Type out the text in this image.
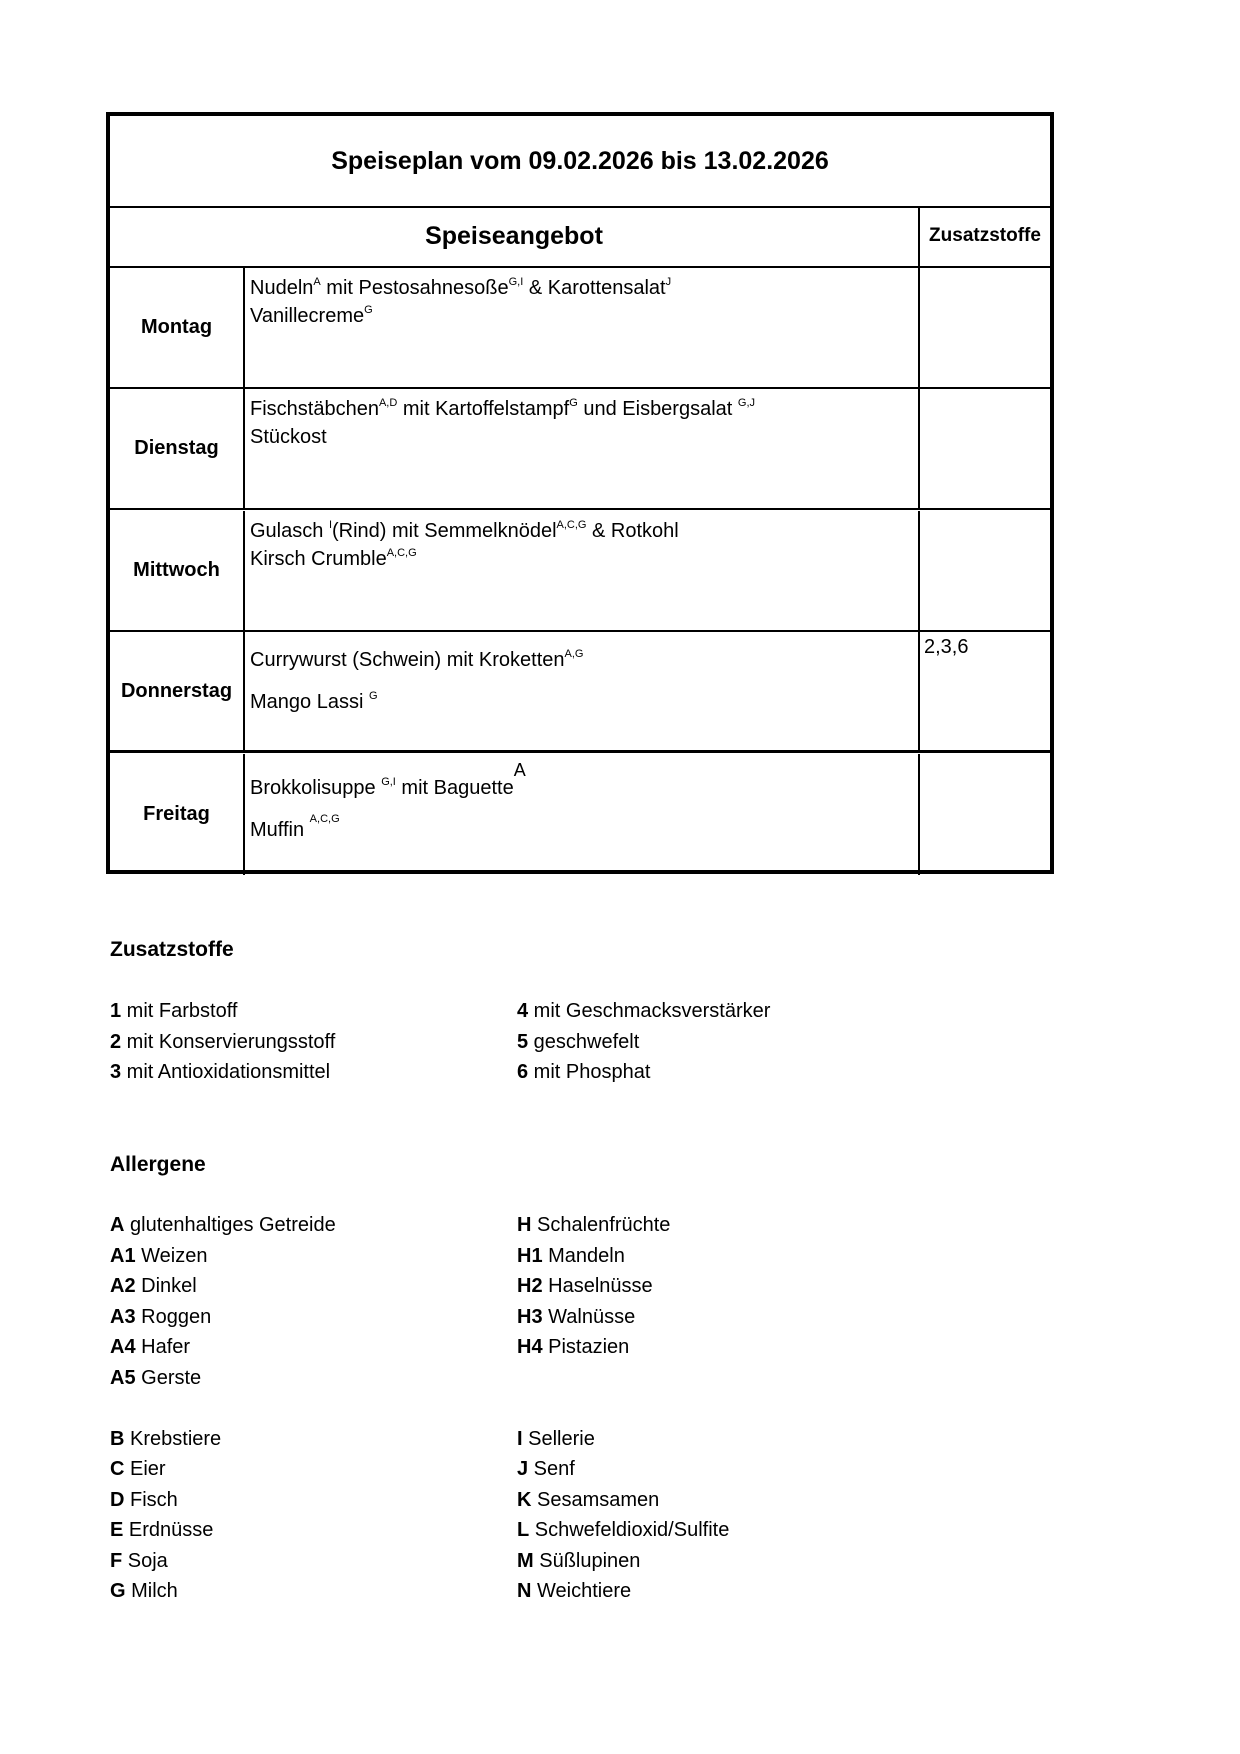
Speiseplan vom 09.02.2026 bis 13.02.2026
Speiseangebot	Zusatzstoffe
Montag
Nudeln$^A$ mit Pestosahnesoße$^{G,I}$ & Karottensalat$^J$
Vanillecreme$^G$
Dienstag
Fischstäbchen$^{A,D}$ mit Kartoffelstampf$^G$ und Eisbergsalat $^{G,J}$
Stückost
Mittwoch
Gulasch $^I$(Rind) mit Semmelknödel$^{A,C,G}$ & Rotkohl
Kirsch Crumble$^{A,C,G}$
Donnerstag
Currywurst (Schwein) mit Kroketten$^{A,G}$
Mango Lassi $^G$
2,3,6
Freitag
Brokkolisuppe $^{G,I}$ mit Baguette$^A$
Muffin $^{A,C,G}$
Zusatzstoffe
1 mit Farbstoff
2 mit Konservierungsstoff
3 mit Antioxidationsmittel
4 mit Geschmacksverstärker
5 geschwefelt
6 mit Phosphat
Allergene
A glutenhaltiges Getreide
A1 Weizen
A2 Dinkel
A3 Roggen
A4 Hafer
A5 Gerste
B Krebstiere
C Eier
D Fisch
E Erdnüsse
F Soja
G Milch
H Schalenfrüchte
H1 Mandeln
H2 Haselnüsse
H3 Walnüsse
H4 Pistazien
I Sellerie
J Senf
K Sesamsamen
L Schwefeldioxid/Sulfite
M Süßlupinen
N Weichtiere
